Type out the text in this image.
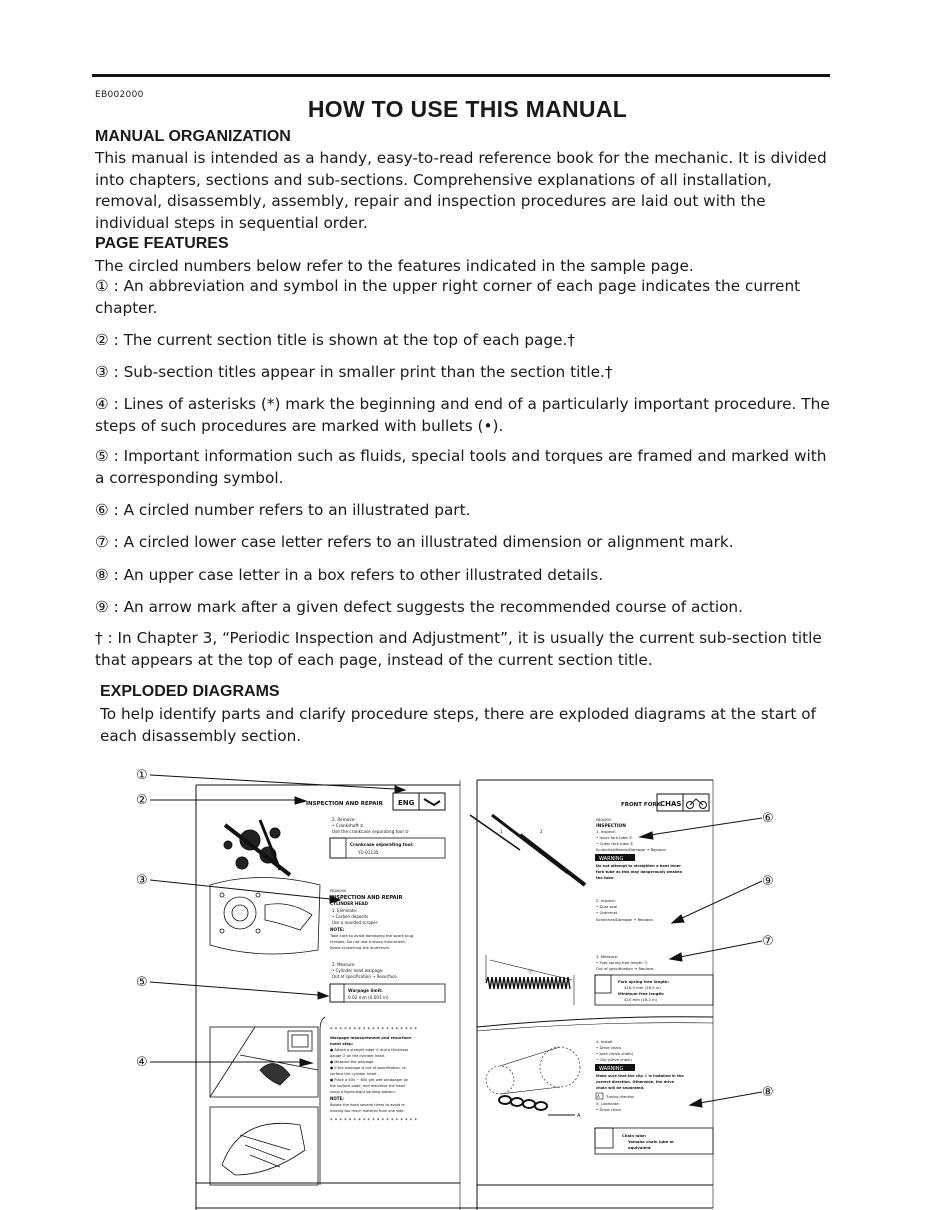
EB002000
HOW TO USE THIS MANUAL
MANUAL ORGANIZATION
This manual is intended as a handy, easy-to-read reference book for the mechanic. It is divided into chapters, sections and sub-sections. Comprehensive explanations of all installation, removal, disassembly, assembly, repair and inspection procedures are laid out with the individual steps in sequential order.
PAGE FEATURES
The circled numbers below refer to the features indicated in the sample page.
① : An abbreviation and symbol in the upper right corner of each page indicates the current chapter.
② : The current section title is shown at the top of each page.†
③ : Sub-section titles appear in smaller print than the section title.†
④ : Lines of asterisks (*) mark the beginning and end of a particularly important procedure. The steps of such procedures are marked with bullets (•).
⑤ : Important information such as fluids, special tools and torques are framed and marked with a corresponding symbol.
⑥ : A circled number refers to an illustrated part.
⑦ : A circled lower case letter refers to an illustrated dimension or alignment mark.
⑧ : An upper case letter in a box refers to other illustrated details.
⑨ : An arrow mark after a given defect suggests the recommended course of action.
† : In Chapter 3, “Periodic Inspection and Adjustment”, it is usually the current sub-section title that appears at the top of each page, instead of the current section title.
EXPLODED DIAGRAMS
To help identify parts and clarify procedure steps, there are exploded diagrams at the start of each disassembly section.
①
②
③
⑤
④
⑥
⑨
⑦
⑧
INSPECTION AND REPAIR ENG
2. Remove:
• Crankshaft ①
Use the crankcase separating tool ②
Crankcase separating tool:
YU-01135
EB00000
INSPECTION AND REPAIR
CYLINDER HEAD
1. Eliminate:
• Carbon deposits
Use a rounded scraper.
NOTE:
Take care to avoid damaging the spark plug
threads. Do not use a sharp instrument.
Avoid scratching the aluminum.
2. Measure:
• Cylinder head warpage
Out of specification → Resurface.
Warpage limit:
0.02 mm (0.001 in)
* * * * * * * * * * * * * * * * * * *
Warpage measurement and resurface-
ment step:
● Attach a straight edge ① and a thickness
gauge ② on the cylinder head.
● Measure the warpage.
● If the warpage is out of specification, re-
surface the cylinder head.
● Place a 400 ~ 600 grit wet sandpaper on
the surface plate, and resurface the head
using a figure-eight sanding pattern.
NOTE:
Rotate the head several times to avoid re-
moving too much material from one side.
* * * * * * * * * * * * * * * * * * *
FRONT FORK CHAS
EB00000
INSPECTION
1. Inspect:
• Inner fork tube ①
• Outer fork tube ②
Scratches/Bends/Damage → Replace.
WARNING
Do not attempt to straighten a bent inner
fork tube as this may dangerously weaken
the tube.
1	2
2. Inspect:
• Dust seal
• Grommet
Scratches/Damage → Replace.
3. Measure:
• Fork spring free length ⓐ
Out of specification → Replace.
Fork spring free length:
416.5 mm (16.5 in)
Minimum free length:
410 mm (16.1 in)
ⓐ
4. Install:
• Drive chain
• Joint (drive chain)
• Clip (drive chain)
WARNING
Make sure that the clip ① is installed in the
correct direction. Otherwise, the drive
chain will be separated.
A Turning direction
5. Lubricate:
• Drive chain
Chain lube:
Yamaha chain lube or
equivalent
A
